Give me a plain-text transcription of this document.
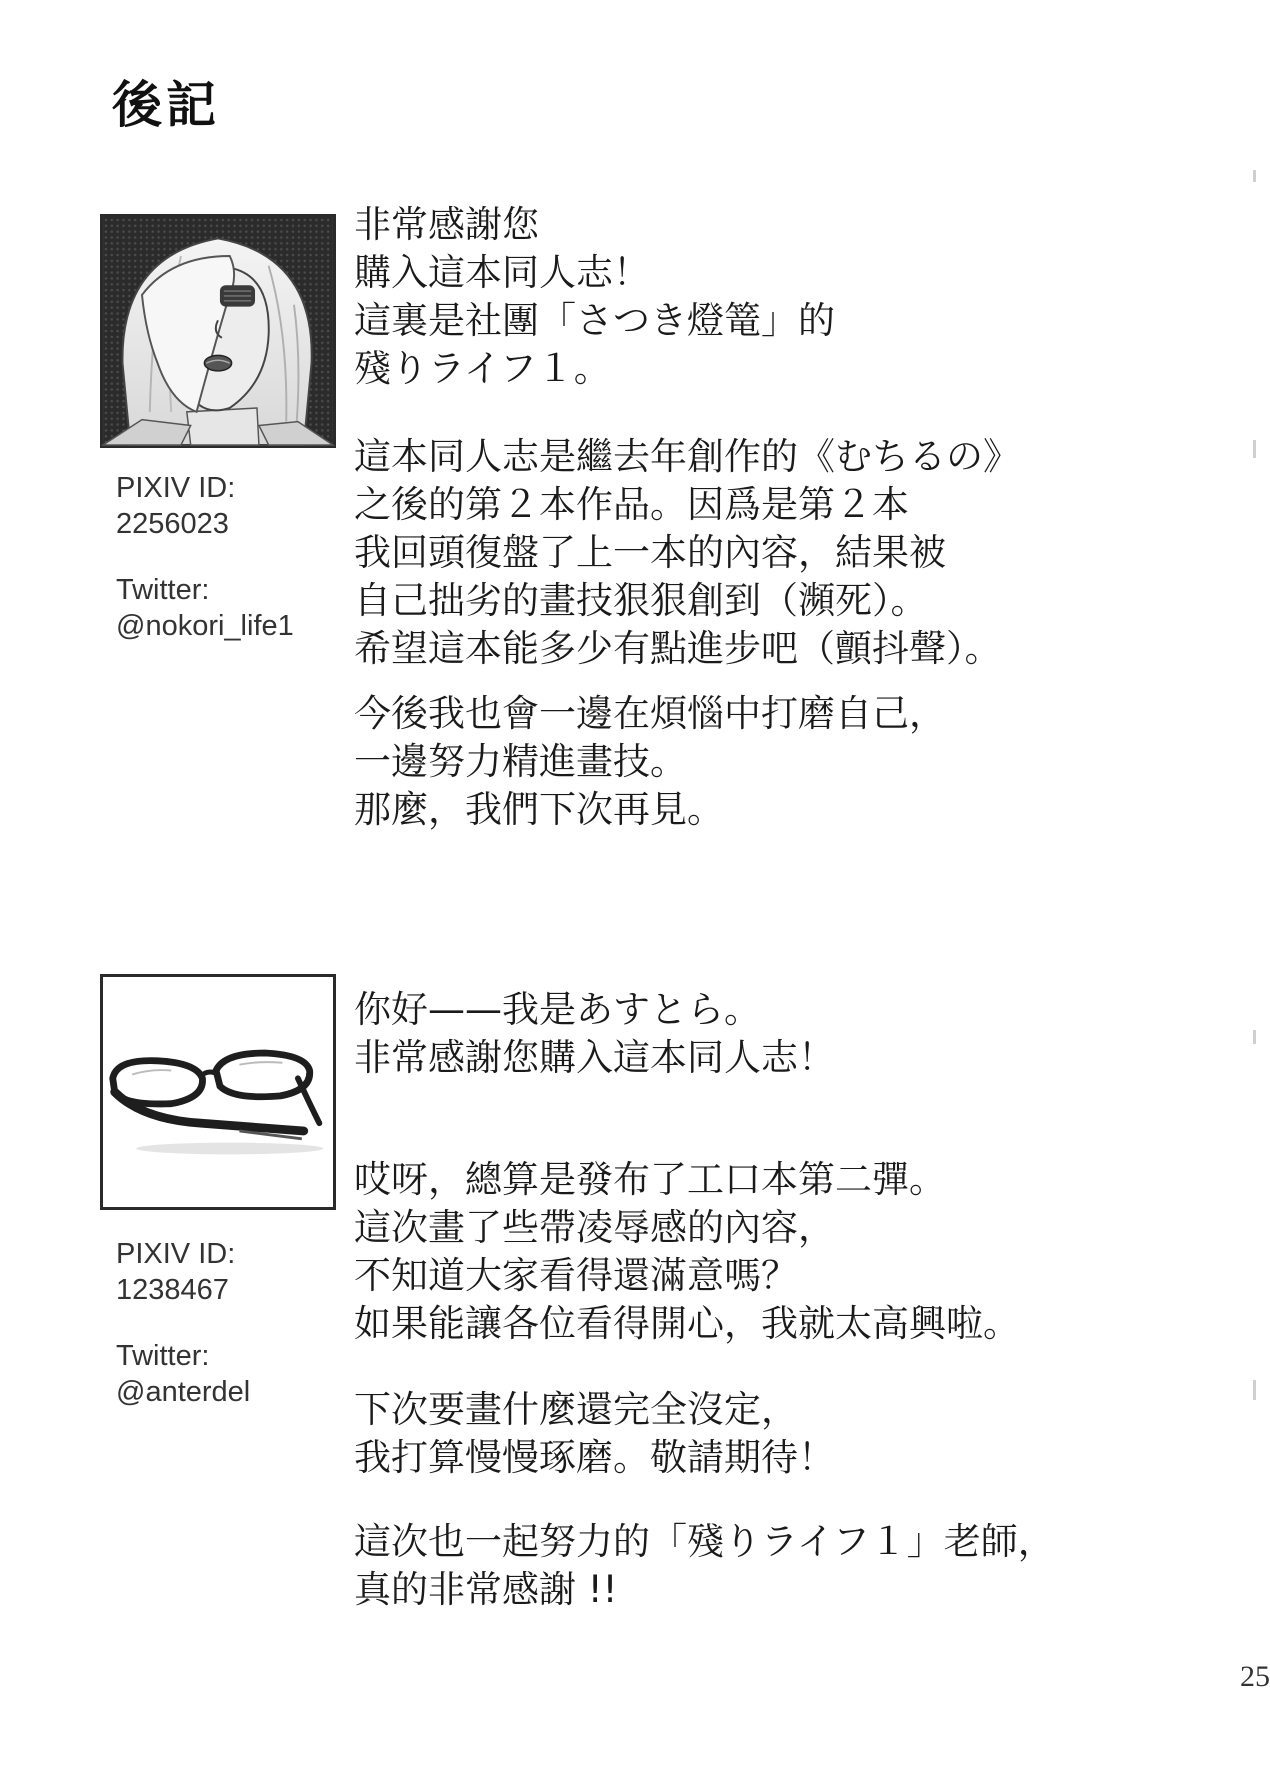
後記
PIXIV ID:
2256023
Twitter:
@nokori_life1
非常感謝您
購入這本同人志！
這裏是社團「さつき燈篭」的
殘りライフ１。
這本同人志是繼去年創作的《むちるの》
之後的第２本作品。因爲是第２本
我回頭復盤了上一本的內容，結果被
自己拙劣的畫技狠狠創到（瀕死）。
希望這本能多少有點進步吧（顫抖聲）。
今後我也會一邊在煩惱中打磨自己，
一邊努力精進畫技。
那麼，我們下次再見。
PIXIV ID:
1238467
Twitter:
@anterdel
你好——我是あすとら。
非常感謝您購入這本同人志！
哎呀，總算是發布了工口本第二彈。
這次畫了些帶凌辱感的內容，
不知道大家看得還滿意嗎？
如果能讓各位看得開心，我就太高興啦。
下次要畫什麼還完全沒定，
我打算慢慢琢磨。敬請期待！
這次也一起努力的「殘りライフ１」老師，
真的非常感謝 !!
25
